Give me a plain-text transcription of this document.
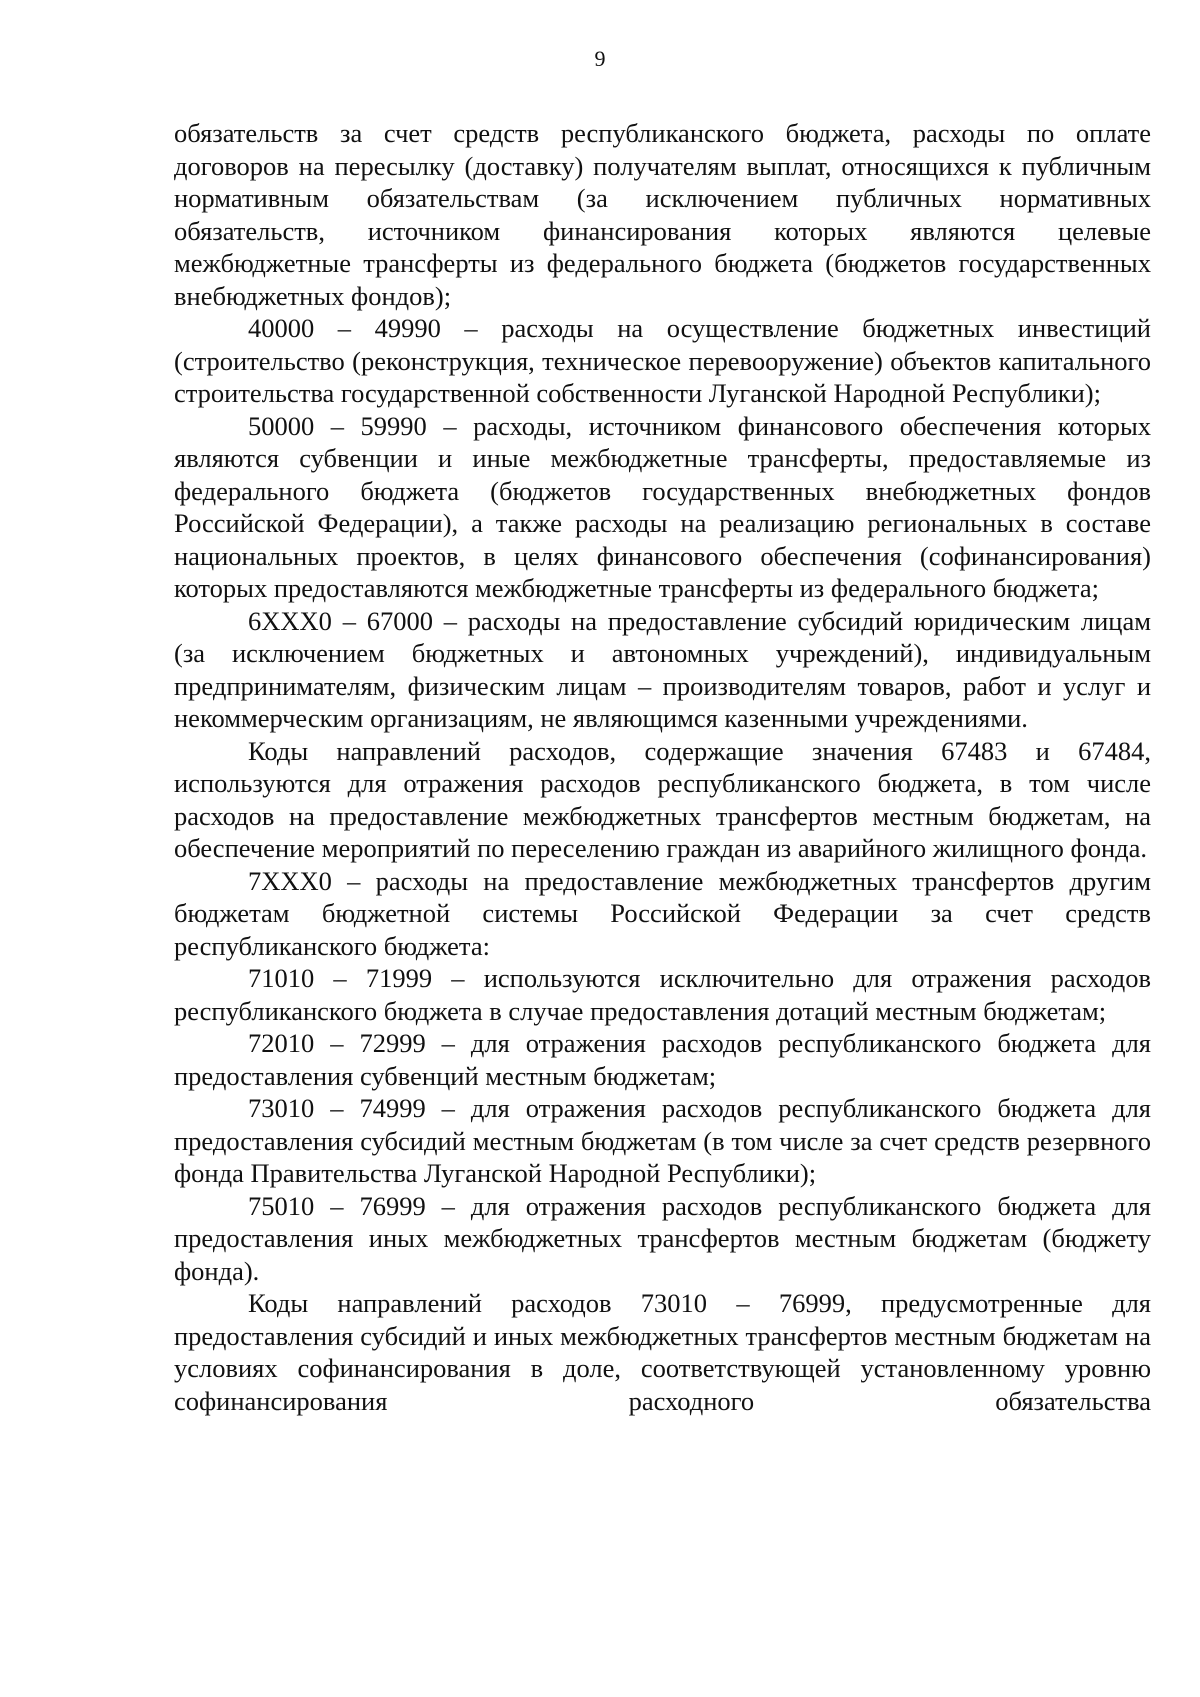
9

обязательств за счет средств республиканского бюджета, расходы по оплате договоров на пересылку (доставку) получателям выплат, относящихся к публичным нормативным обязательствам (за исключением публичных нормативных обязательств, источником финансирования которых являются целевые межбюджетные трансферты из федерального бюджета (бюджетов государственных внебюджетных фондов);

40000 – 49990 – расходы на осуществление бюджетных инвестиций (строительство (реконструкция, техническое перевооружение) объектов капитального строительства государственной собственности Луганской Народной Республики);

50000 – 59990 – расходы, источником финансового обеспечения которых являются субвенции и иные межбюджетные трансферты, предоставляемые из федерального бюджета (бюджетов государственных внебюджетных фондов Российской Федерации), а также расходы на реализацию региональных в составе национальных проектов, в целях финансового обеспечения (софинансирования) которых предоставляются межбюджетные трансферты из федерального бюджета;

6ХХХ0 – 67000 – расходы на предоставление субсидий юридическим лицам (за исключением бюджетных и автономных учреждений), индивидуальным предпринимателям, физическим лицам – производителям товаров, работ и услуг и некоммерческим организациям, не являющимся казенными учреждениями.

Коды направлений расходов, содержащие значения 67483 и 67484, используются для отражения расходов республиканского бюджета, в том числе расходов на предоставление межбюджетных трансфертов местным бюджетам, на обеспечение мероприятий по переселению граждан из аварийного жилищного фонда.

7ХХХ0 – расходы на предоставление межбюджетных трансфертов другим бюджетам бюджетной системы Российской Федерации за счет средств республиканского бюджета:

71010 – 71999 – используются исключительно для отражения расходов республиканского бюджета в случае предоставления дотаций местным бюджетам;

72010 – 72999 – для отражения расходов республиканского бюджета для предоставления субвенций местным бюджетам;

73010 – 74999 – для отражения расходов республиканского бюджета для предоставления субсидий местным бюджетам (в том числе за счет средств резервного фонда Правительства Луганской Народной Республики);

75010 – 76999 – для отражения расходов республиканского бюджета для предоставления иных межбюджетных трансфертов местным бюджетам (бюджету фонда).

Коды направлений расходов 73010 – 76999, предусмотренные для предоставления субсидий и иных межбюджетных трансфертов местным бюджетам на условиях софинансирования в доле, соответствующей установленному уровню софинансирования расходного обязательства
